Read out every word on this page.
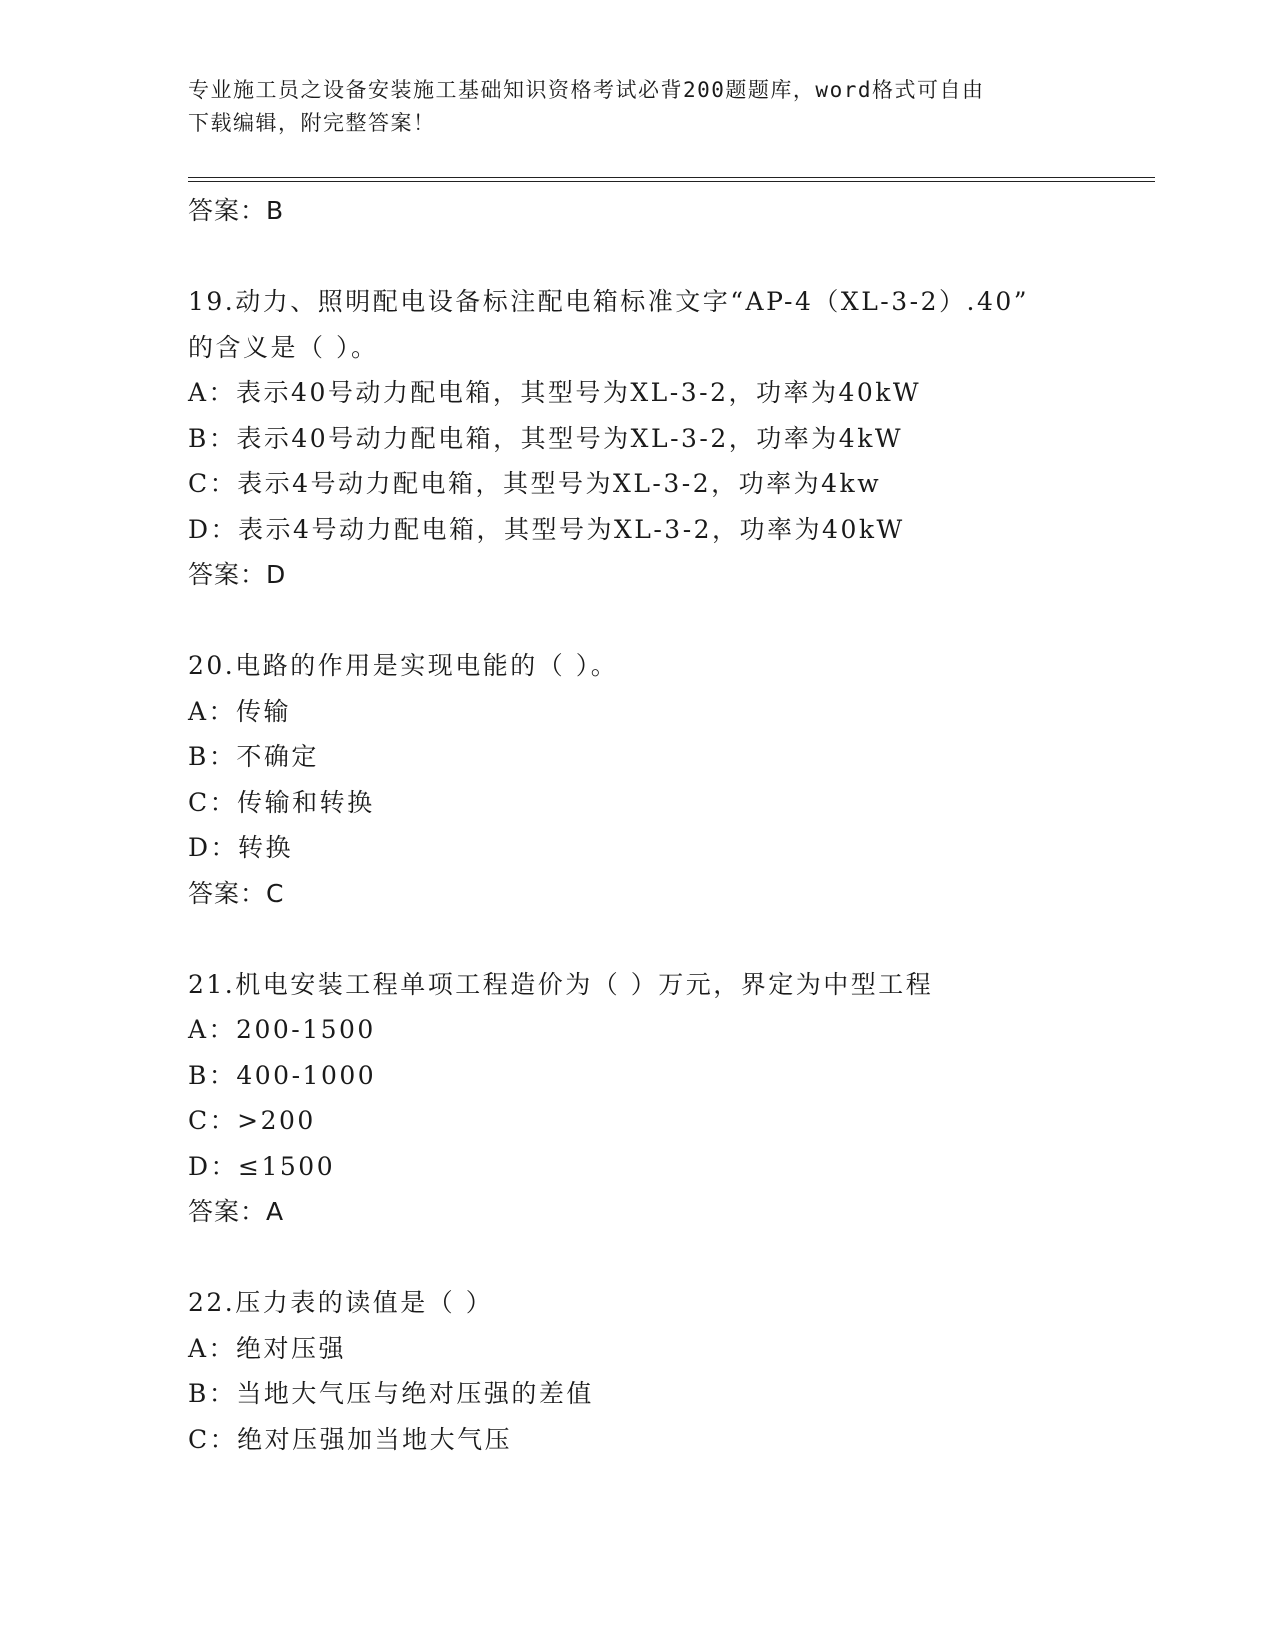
专业施工员之设备安装施工基础知识资格考试必背200题题库，word格式可自由
下载编辑，附完整答案！
答案：B
19.动力、照明配电设备标注配电箱标准文字“AP-4（XL-3-2）.40”
的含义是（ ）。
A：表示40号动力配电箱，其型号为XL-3-2，功率为40kW
B：表示40号动力配电箱，其型号为XL-3-2，功率为4kW
C：表示4号动力配电箱，其型号为XL-3-2，功率为4kw
D：表示4号动力配电箱，其型号为XL-3-2，功率为40kW
答案：D
20.电路的作用是实现电能的（ ）。
A：传输
B：不确定
C：传输和转换
D：转换
答案：C
21.机电安装工程单项工程造价为（ ）万元，界定为中型工程
A：200-1500
B：400-1000
C：>200
D：≤1500
答案：A
22.压力表的读值是（ ）
A：绝对压强
B：当地大气压与绝对压强的差值
C：绝对压强加当地大气压
